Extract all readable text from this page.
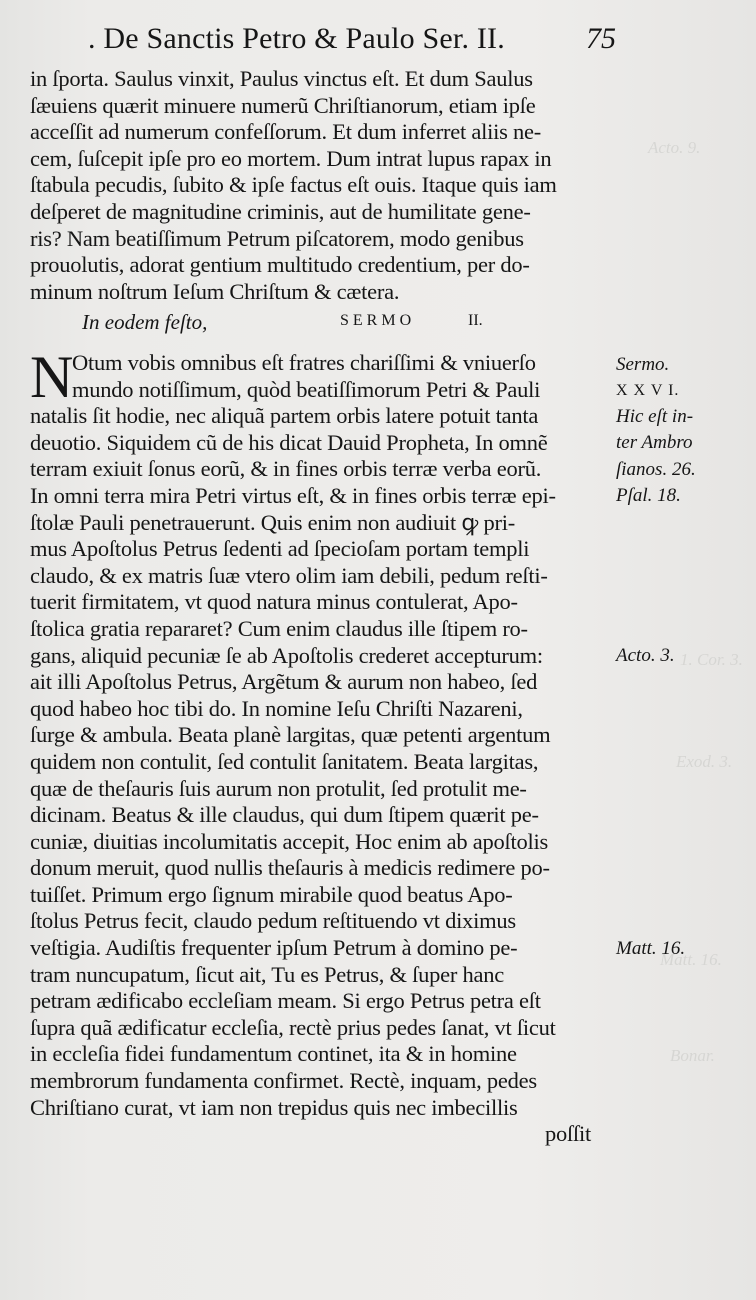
Acto. 9.
1. Cor. 3.
Exod. 3.
Matt. 16.
Bonar.
. De Sanctis Petro & Paulo Ser. II.	75
in ſporta. Saulus vinxit, Paulus vinctus eſt. Et dum Saulus
ſæuiens quærit minuere numerũ Chriſtianorum, etiam ipſe
acceſſit ad numerum confeſſorum. Et dum inferret aliis ne-
cem, ſuſcepit ipſe pro eo mortem. Dum intrat lupus rapax in
ſtabula pecudis, ſubito & ipſe factus eſt ouis. Itaque quis iam
deſperet de magnitudine criminis, aut de humilitate gene-
ris? Nam beatiſſimum Petrum piſcatorem, modo genibus
prouolutis, adorat gentium multitudo credentium, per do-
minum noſtrum Ieſum Chriſtum & cætera.
In eodem feſto,	SERMO	II.
N
Otum vobis omnibus eſt fratres chariſſimi & vniuerſo
mundo notiſſimum, quòd beatiſſimorum Petri & Pauli
natalis ſit hodie, nec aliquã partem orbis latere potuit tanta
deuotio. Siquidem cũ de his dicat Dauid Propheta, In omnẽ
terram exiuit ſonus eorũ, & in fines orbis terræ verba eorũ.
In omni terra mira Petri virtus eſt, & in fines orbis terræ epi-
ſtolæ Pauli penetrauerunt. Quis enim non audiuit ꝙ pri-
mus Apoſtolus Petrus ſedenti ad ſpecioſam portam templi
claudo, & ex matris ſuæ vtero olim iam debili, pedum reſti-
tuerit firmitatem, vt quod natura minus contulerat, Apo-
ſtolica gratia repararet? Cum enim claudus ille ſtipem ro-
gans, aliquid pecuniæ ſe ab Apoſtolis crederet accepturum:
ait illi Apoſtolus Petrus, Argẽtum & aurum non habeo, ſed
quod habeo hoc tibi do. In nomine Ieſu Chriſti Nazareni,
ſurge & ambula. Beata planè largitas, quæ petenti argentum
quidem non contulit, ſed contulit ſanitatem. Beata largitas,
quæ de theſauris ſuis aurum non protulit, ſed protulit me-
dicinam. Beatus & ille claudus, qui dum ſtipem quærit pe-
cuniæ, diuitias incolumitatis accepit, Hoc enim ab apoſtolis
donum meruit, quod nullis theſauris à medicis redimere po-
tuiſſet. Primum ergo ſignum mirabile quod beatus Apo-
ſtolus Petrus fecit, claudo pedum reſtituendo vt diximus
veſtigia. Audiſtis frequenter ipſum Petrum à domino pe-
tram nuncupatum, ſicut ait, Tu es Petrus, & ſuper hanc
petram ædificabo eccleſiam meam. Si ergo Petrus petra eſt
ſupra quã ædificatur eccleſia, rectè prius pedes ſanat, vt ſicut
in eccleſia fidei fundamentum continet, ita & in homine
membrorum fundamenta confirmet. Rectè, inquam, pedes
Chriſtiano curat, vt iam non trepidus quis nec imbecillis
poſſit
Sermo.
X X V I.
Hic eſt in-
ter Ambro
ſianos. 26.
Pſal. 18.
Acto. 3.
Matt. 16.
